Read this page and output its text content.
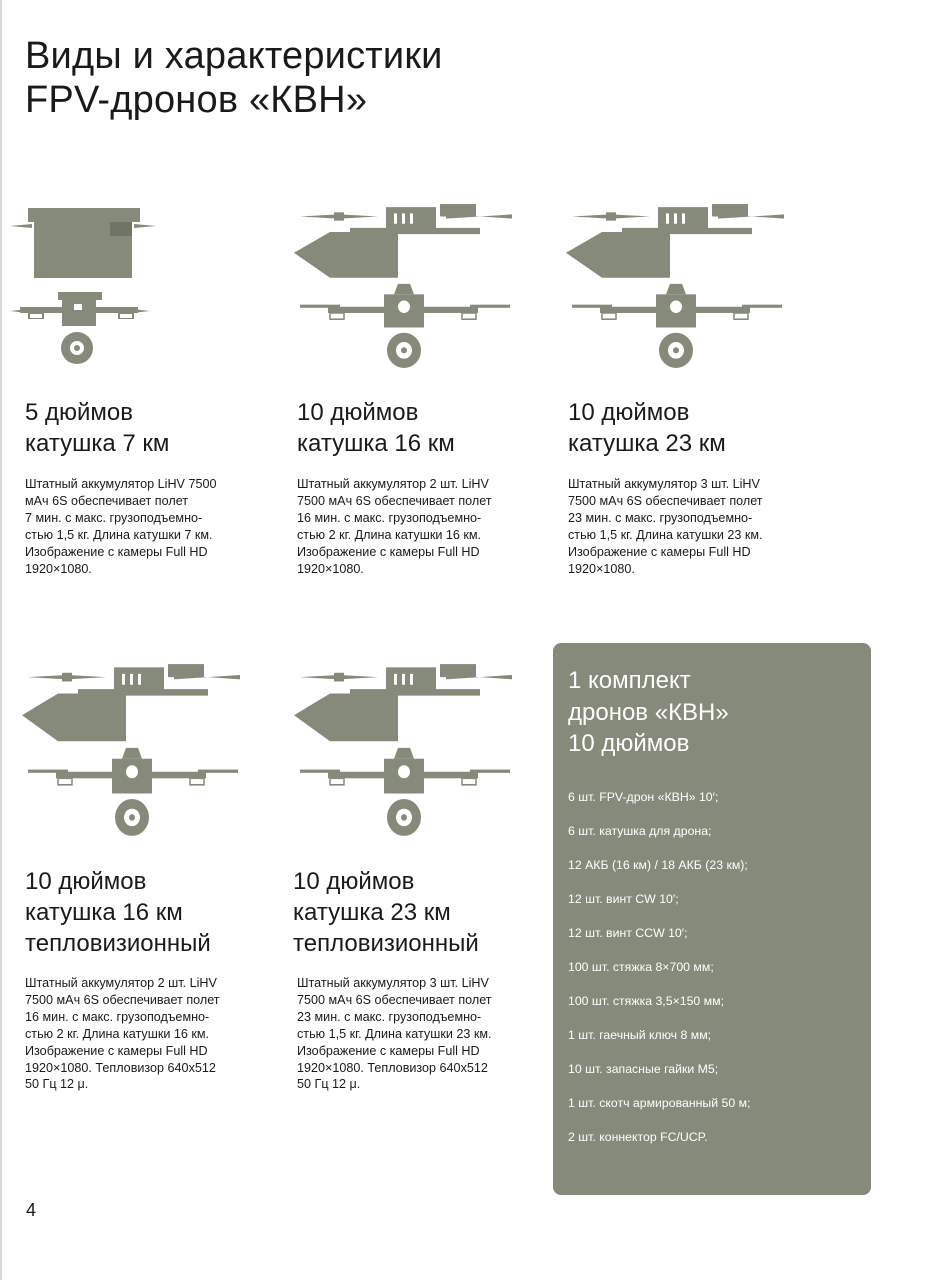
Виды и характеристики
FPV-дронов «КВН»
5 дюймов
катушка 7 км

Штатный аккумулятор LiHV 7500
мАч 6S обеспечивает полет
7 мин. с макс. грузоподъемно-
стью 1,5 кг. Длина катушки 7 км.
Изображение с камеры Full HD
1920×1080.

10 дюймов
катушка 16 км

Штатный аккумулятор 2 шт. LiHV
7500 мАч 6S обеспечивает полет
16 мин. с макс. грузоподъемно-
стью 2 кг. Длина катушки 16 км.
Изображение с камеры Full HD
1920×1080.

10 дюймов
катушка 23 км

Штатный аккумулятор 3 шт. LiHV
7500 мАч 6S обеспечивает полет
23 мин. с макс. грузоподъемно-
стью 1,5 кг. Длина катушки 23 км.
Изображение с камеры Full HD
1920×1080.

10 дюймов
катушка 16 км
тепловизионный

Штатный аккумулятор 2 шт. LiHV
7500 мАч 6S обеспечивает полет
16 мин. с макс. грузоподъемно-
стью 2 кг. Длина катушки 16 км.
Изображение с камеры Full HD
1920×1080. Тепловизор 640х512
50 Гц 12 μ.

10 дюймов
катушка 23 км
тепловизионный

Штатный аккумулятор 3 шт. LiHV
7500 мАч 6S обеспечивает полет
23 мин. с макс. грузоподъемно-
стью 1,5 кг. Длина катушки 23 км.
Изображение с камеры Full HD
1920×1080. Тепловизор 640х512
50 Гц 12 μ.

1 комплект
дронов «КВН»
10 дюймов
6 шт. FPV-дрон «КВН» 10′;
6 шт. катушка для дрона;
12 АКБ (16 км) / 18 АКБ (23 км);
12 шт. винт CW 10′;
12 шт. винт CCW 10′;
100 шт. стяжка 8×700 мм;
100 шт. стяжка 3,5×150 мм;
1 шт. гаечный ключ 8 мм;
10 шт. запасные гайки М5;
1 шт. скотч армированный 50 м;
2 шт. коннектор FC/UCP.
4
